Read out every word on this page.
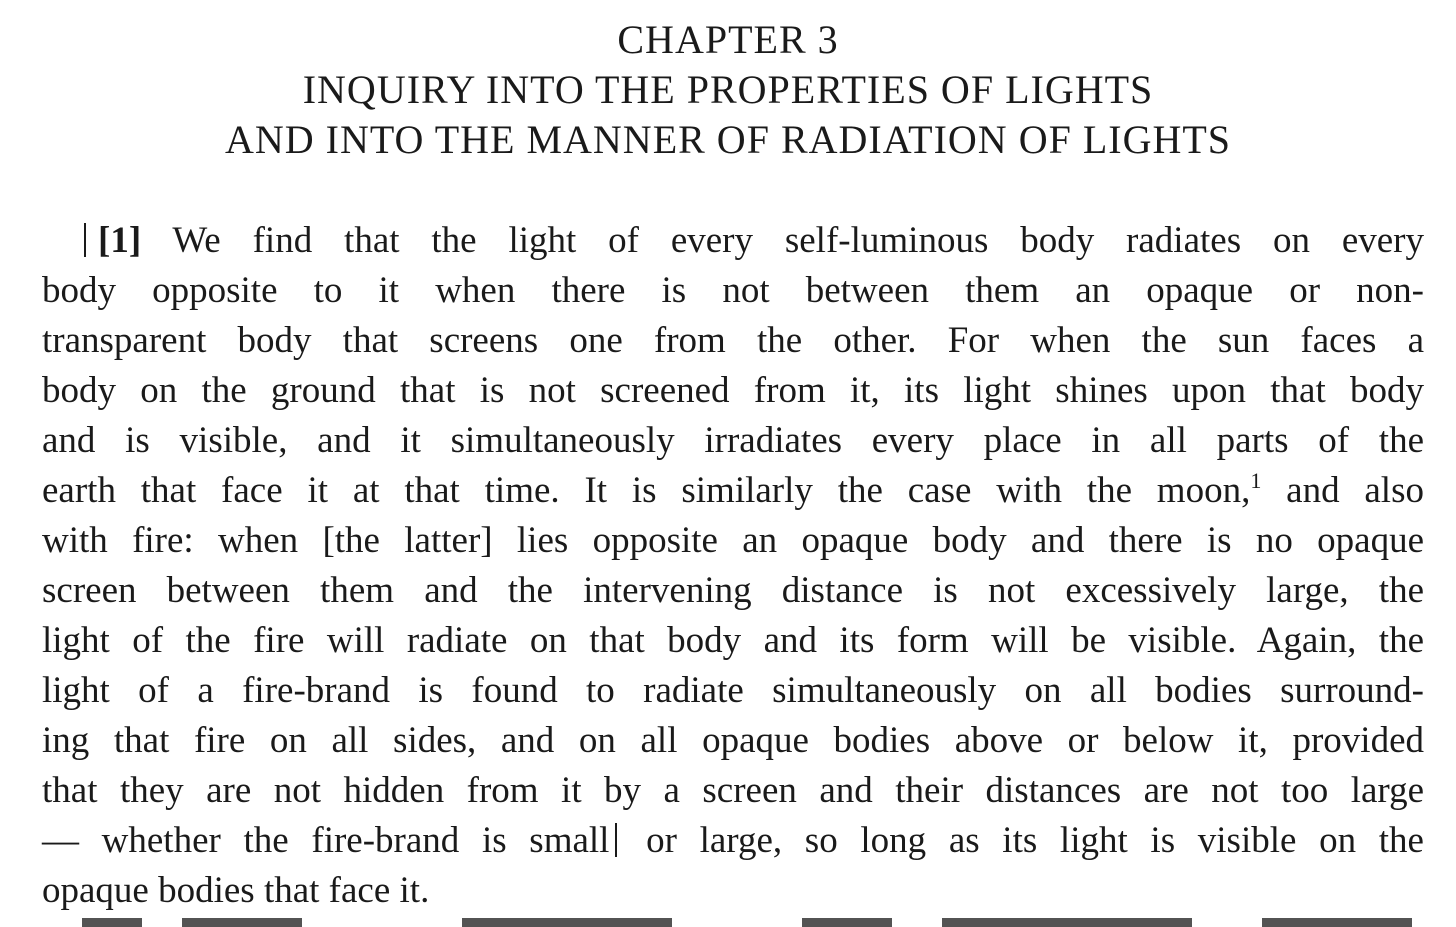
CHAPTER 3
INQUIRY INTO THE PROPERTIES OF LIGHTS
AND INTO THE MANNER OF RADIATION OF LIGHTS
[1] We find that the light of every self-luminous body radiates on every
body opposite to it when there is not between them an opaque or non-
transparent body that screens one from the other. For when the sun faces a
body on the ground that is not screened from it, its light shines upon that body
and is visible, and it simultaneously irradiates every place in all parts of the
earth that face it at that time. It is similarly the case with the moon,$^1$ and also
with fire: when [the latter] lies opposite an opaque body and there is no opaque
screen between them and the intervening distance is not excessively large, the
light of the fire will radiate on that body and its form will be visible. Again, the
light of a fire-brand is found to radiate simultaneously on all bodies surround-
ing that fire on all sides, and on all opaque bodies above or below it, provided
that they are not hidden from it by a screen and their distances are not too large
— whether the fire-brand is small or large, so long as its light is visible on the
opaque bodies that face it.
